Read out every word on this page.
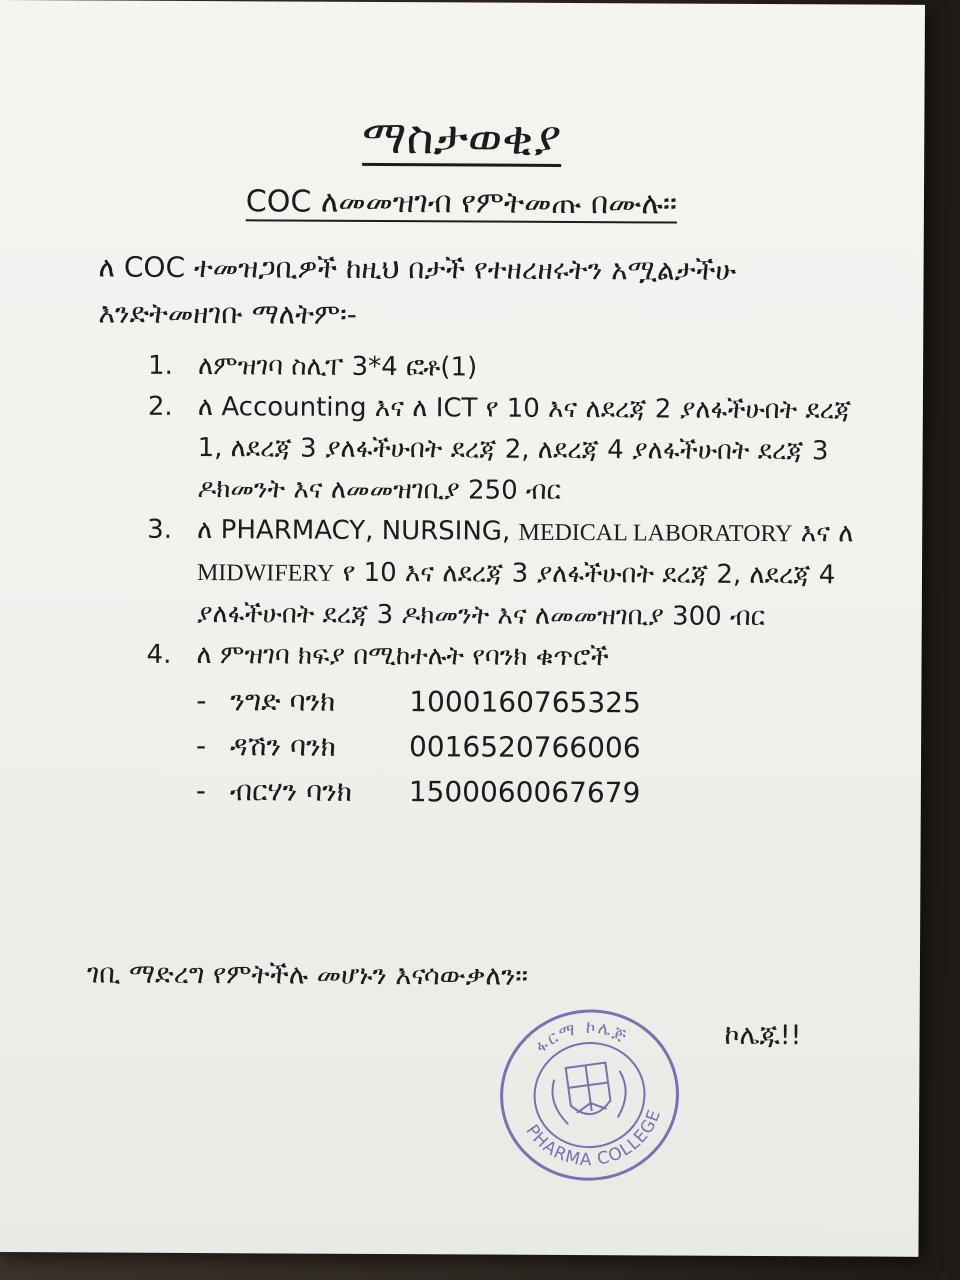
ማስታወቂያ
COC ለመመዝገብ የምትመጡ በሙሉ፡፡
ለ COC ተመዝጋቢዎች ከዚህ በታች የተዘረዘሩትን አሟልታችሁ እንድትመዘገቡ ማለትም፡-
1. ለምዝገባ ስሊፐ 3*4 ፎቶ(1)
2. ለ Accounting እና ለ ICT የ 10 እና ለደረጃ 2 ያለፋችሁበት ደረጃ 1, ለደረጃ 3 ያለፋችሁበት ደረጃ 2, ለደረጃ 4 ያለፋችሁበት ደረጃ 3 ዶክመንት እና ለመመዝገቢያ 250 ብር
3. ለ PHARMACY, NURSING, MEDICAL LABORATORY እና ለ MIDWIFERY የ 10 እና ለደረጃ 3 ያለፋችሁበት ደረጃ 2, ለደረጃ 4 ያለፋችሁበት ደረጃ 3 ዶክመንት እና ለመመዝገቢያ 300 ብር
4. ለ ምዝገባ ክፍያ በሚከተሉት የባንክ ቁጥሮች
- ንግድ ባንክ	1000160765325
- ዳሽን ባንክ	0016520766006
- ብርሃን ባንክ 1500060067679
ገቢ ማድረግ የምትችሉ መሆኑን እናሳውቃለን፡፡
ፋርማ ኮሌጅ
PHARMA COLLEGE
ኮሌጁ!!
